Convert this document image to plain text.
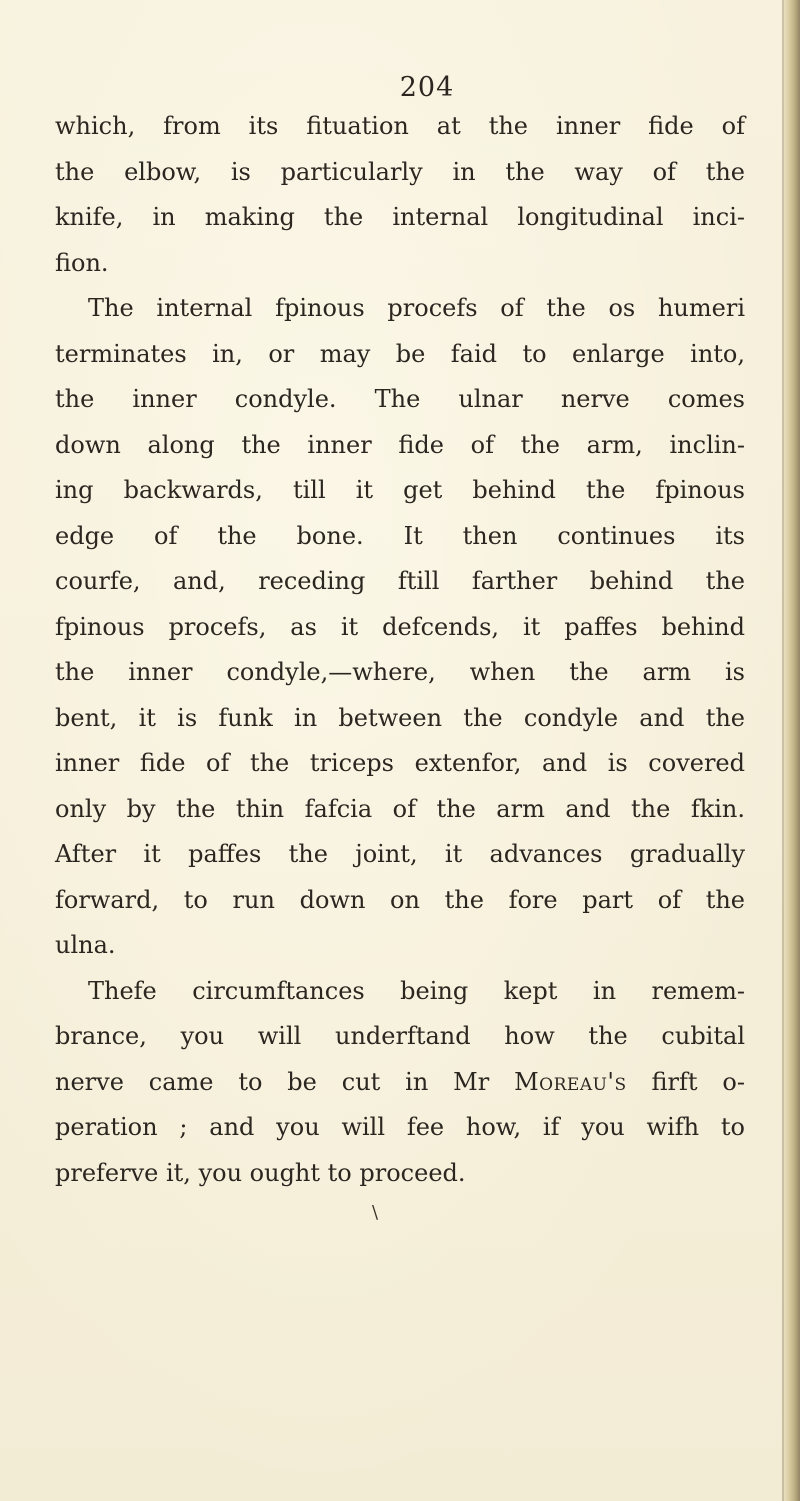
204
which, from its fituation at the inner fide of
the elbow, is particularly in the way of the
knife, in making the internal longitudinal inci-
fion.
The internal fpinous procefs of the os humeri
terminates in, or may be faid to enlarge into,
the inner condyle. The ulnar nerve comes
down along the inner fide of the arm, inclin-
ing backwards, till it get behind the fpinous
edge of the bone. It then continues its
courfe, and, receding ftill farther behind the
fpinous procefs, as it defcends, it paffes behind
the inner condyle,—where, when the arm is
bent, it is funk in between the condyle and the
inner fide of the triceps extenfor, and is covered
only by the thin fafcia of the arm and the fkin.
After it paffes the joint, it advances gradually
forward, to run down on the fore part of the
ulna.
Thefe circumftances being kept in remem-
brance, you will underftand how the cubital
nerve came to be cut in Mr Moreau's firft o-
peration ; and you will fee how, if you wifh to
preferve it, you ought to proceed.
\
